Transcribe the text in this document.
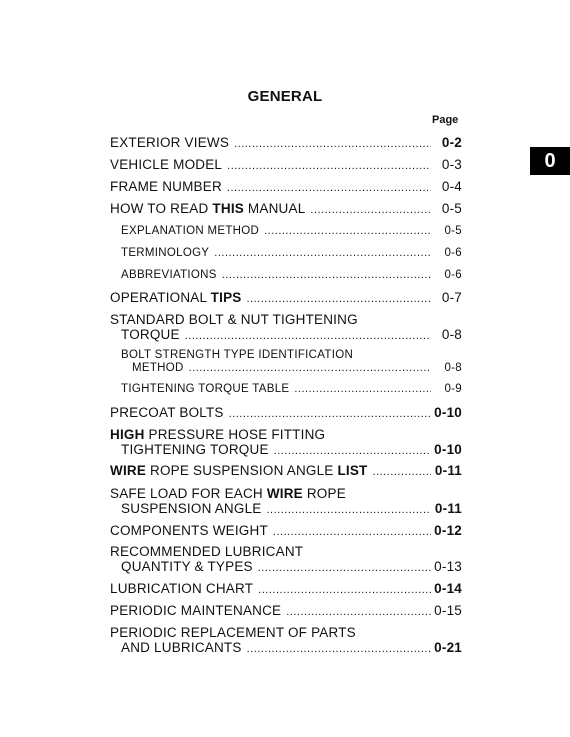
GENERAL
Page
0
EXTERIOR VIEWS .....	0-2
VEHICLE MODEL .....	0-3
FRAME NUMBER .....	0-4
HOW TO READ THIS MANUAL .....	0-5
EXPLANATION METHOD .....	0-5
TERMINOLOGY .....	0-6
ABBREVIATIONS .....	0-6
OPERATIONAL TIPS .....	0-7
STANDARD BOLT & NUT TIGHTENING
TORQUE .....	0-8
BOLT STRENGTH TYPE IDENTIFICATION
METHOD .....	0-8
TIGHTENING TORQUE TABLE .....	0-9
PRECOAT BOLTS .....	0-10
HIGH PRESSURE HOSE FITTING
TIGHTENING TORQUE .....	0-10
WIRE ROPE SUSPENSION ANGLE LIST .....	0-11
SAFE LOAD FOR EACH WIRE ROPE
SUSPENSION ANGLE .....	0-11
COMPONENTS WEIGHT .....	0-12
RECOMMENDED LUBRICANT
QUANTITY & TYPES .....	0-13
LUBRICATION CHART .....	0-14
PERIODIC MAINTENANCE .....	0-15
PERIODIC REPLACEMENT OF PARTS
AND LUBRICANTS .....	0-21
